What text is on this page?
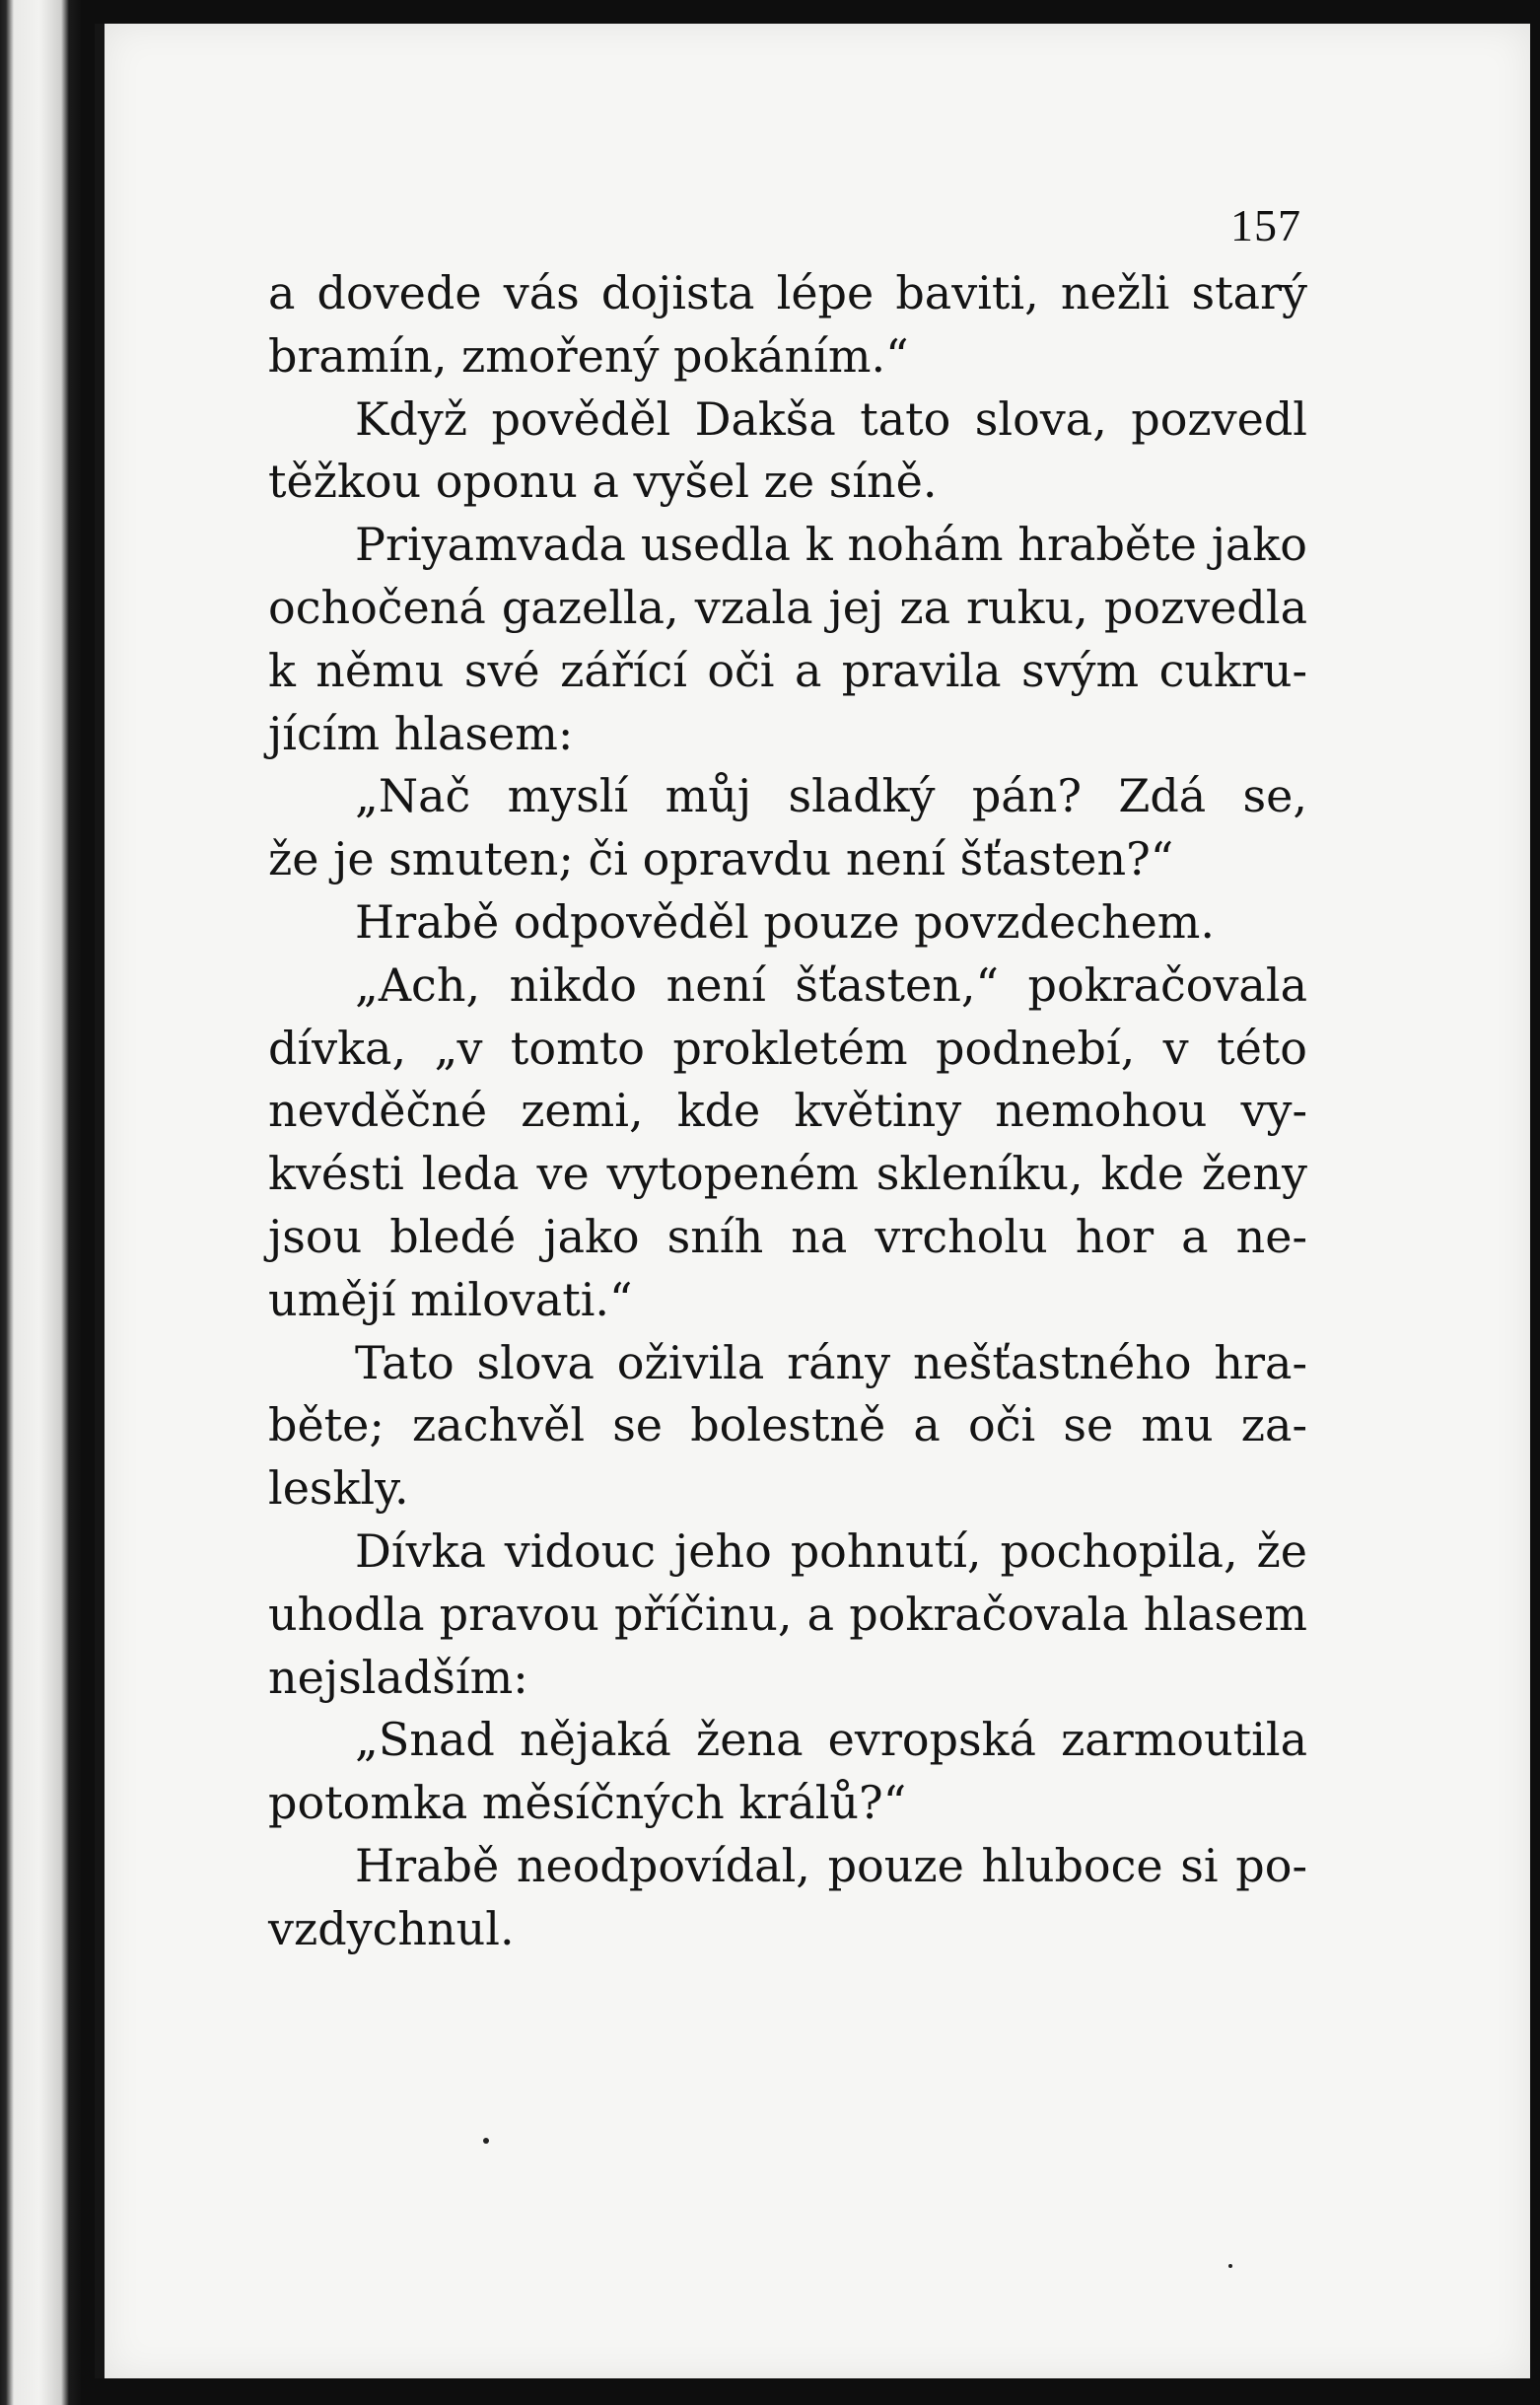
157
a dovede vás dojista lépe baviti, nežli starý
bramín, zmořený pokáním.“
Když pověděl Dakša tato slova, pozvedl
těžkou oponu a vyšel ze síně.
Priyamvada usedla k nohám hraběte jako
ochočená gazella, vzala jej za ruku, pozvedla
k němu své zářící oči a pravila svým cukru-
jícím hlasem:
„Nač myslí můj sladký pán? Zdá se,
že je smuten; či opravdu není šťasten?“
Hrabě odpověděl pouze povzdechem.
„Ach, nikdo není šťasten,“ pokračovala
dívka, „v tomto prokletém podnebí, v této
nevděčné zemi, kde květiny nemohou vy-
kvésti leda ve vytopeném skleníku, kde ženy
jsou bledé jako sníh na vrcholu hor a ne-
umějí milovati.“
Tato slova oživila rány nešťastného hra-
běte; zachvěl se bolestně a oči se mu za-
leskly.
Dívka vidouc jeho pohnutí, pochopila, že
uhodla pravou příčinu, a pokračovala hlasem
nejsladším:
„Snad nějaká žena evropská zarmoutila
potomka měsíčných králů?“
Hrabě neodpovídal, pouze hluboce si po-
vzdychnul.
